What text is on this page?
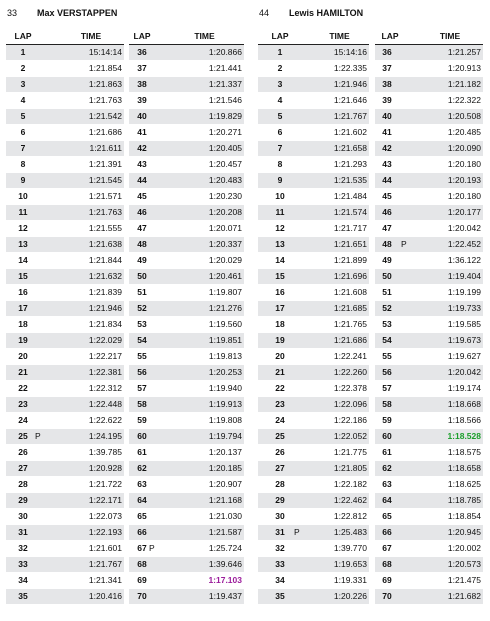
33 Max VERSTAPPEN	44 Lewis HAMILTON
LAP	TIME
1	15:14:14
2	1:21.854
3	1:21.863
4	1:21.763
5	1:21.542
6	1:21.686
7	1:21.611
8	1:21.391
9	1:21.545
10	1:21.571
11	1:21.763
12	1:21.555
13	1:21.638
14	1:21.844
15	1:21.632
16	1:21.839
17	1:21.946
18	1:21.834
19	1:22.029
20	1:22.217
21	1:22.381
22	1:22.312
23	1:22.448
24	1:22.622
25 P	1:24.195
26	1:39.785
27	1:20.928
28	1:21.722
29	1:22.171
30	1:22.073
31	1:22.193
32	1:21.601
33	1:21.767
34	1:21.341
35	1:20.416
LAP	TIME
36	1:20.866
37	1:21.441
38	1:21.337
39	1:21.546
40	1:19.829
41	1:20.271
42	1:20.405
43	1:20.457
44	1:20.483
45	1:20.230
46	1:20.208
47	1:20.071
48	1:20.337
49	1:20.029
50	1:20.461
51	1:19.807
52	1:21.276
53	1:19.560
54	1:19.851
55	1:19.813
56	1:20.253
57	1:19.940
58	1:19.913
59	1:19.808
60	1:19.794
61	1:20.137
62	1:20.185
63	1:20.907
64	1:21.168
65	1:21.030
66	1:21.587
67 P	1:25.724
68	1:39.646
69	1:17.103
70	1:19.437
LAP	TIME
1	15:14:16
2	1:22.335
3	1:21.946
4	1:21.646
5	1:21.767
6	1:21.602
7	1:21.658
8	1:21.293
9	1:21.535
10	1:21.484
11	1:21.574
12	1:21.717
13	1:21.651
14	1:21.899
15	1:21.696
16	1:21.608
17	1:21.685
18	1:21.765
19	1:21.686
20	1:22.241
21	1:22.260
22	1:22.378
23	1:22.096
24	1:22.186
25	1:22.052
26	1:21.775
27	1:21.805
28	1:22.182
29	1:22.462
30	1:22.812
31 P	1:25.483
32	1:39.770
33	1:19.653
34	1:19.331
35	1:20.226
LAP	TIME
36	1:21.257
37	1:20.913
38	1:21.182
39	1:22.322
40	1:20.508
41	1:20.485
42	1:20.090
43	1:20.180
44	1:20.193
45	1:20.180
46	1:20.177
47	1:20.042
48 P	1:22.452
49	1:36.122
50	1:19.404
51	1:19.199
52	1:19.733
53	1:19.585
54	1:19.673
55	1:19.627
56	1:20.042
57	1:19.174
58	1:18.668
59	1:18.566
60	1:18.528
61	1:18.575
62	1:18.658
63	1:18.625
64	1:18.785
65	1:18.854
66	1:20.945
67	1:20.002
68	1:20.573
69	1:21.475
70	1:21.682
